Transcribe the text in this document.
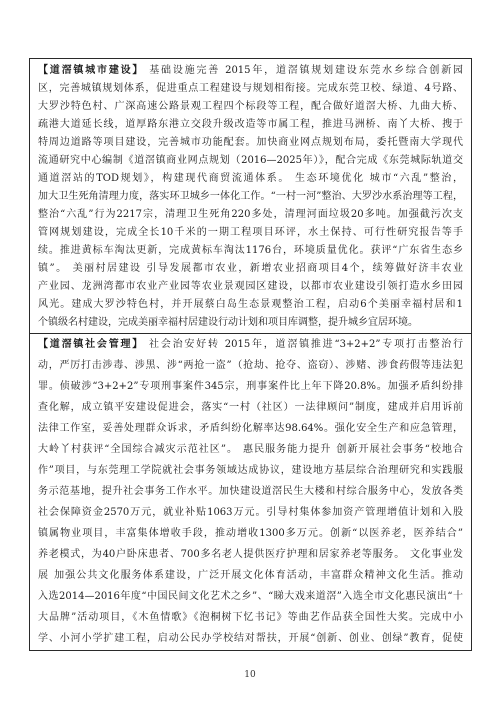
【道滘镇城市建设】 基础设施完善 2015年，道滘镇规划建设东莞水乡综合创新园
区，完善城镇规划体系，促进重点工程建设与规划相衔接。完成东莞卫校、绿道、4号路、
大罗沙特色村、广深高速公路景观工程四个标段等工程，配合做好道滘大桥、九曲大桥、
疏港大道延长线，道厚路东港立交段升级改造等市属工程，推进马洲桥、南丫大桥、搜于
特周边道路等项目建设，完善城市功能配套。加快商业网点规划布局，委托暨南大学现代
流通研究中心编制《道滘镇商业网点规划（2016—2025年）》，配合完成《东莞城际轨道交
通道滘站的TOD规划》，构建现代商贸流通体系。 生态环境优化 城市“六乱”整治，
加大卫生死角清理力度，落实环卫城乡一体化工作。“一村一河”整治、大罗沙水系治理等工程，
整治“六乱”行为2217宗，清理卫生死角220多处，清理河面垃圾20多吨。加强截污次支
管网规划建设，完成全长10千米的一期工程项目环评，水土保持、可行性研究报告等手
续。推进黄标车淘汰更新，完成黄标车淘汰1176台，环境质量优化。获评“广东省生态乡
镇”。 美丽村居建设 引导发展都市农业，新增农业招商项目4个，续筹做好济丰农业
产业园、龙洲湾都市农业产业园等农业景观园区建设，以都市农业建设引领打造水乡田园
风光。建成大罗沙特色村，并开展蔡白岛生态景观整治工程，启动6个美丽幸福村居和1
个镇级名村建设，完成美丽幸福村居建设行动计划和项目库调整，提升城乡宜居环境。
【道滘镇社会管理】 社会治安好转 2015年，道滘镇推进“3+2+2”专项打击整治行
动，严厉打击涉毒、涉黑、涉“两抢一盗”（抢劫、抢夺、盗窃）、涉赌、涉食药假等违法犯
罪。侦破涉“3+2+2”专项刑事案件345宗，刑事案件比上年下降20.8%。加强矛盾纠纷排
查化解，成立镇平安建设促进会，落实“一村（社区）一法律顾问”制度，建成并启用诉前
法律工作室，妥善处理群众诉求，矛盾纠纷化解率达98.64%。强化安全生产和应急管理，
大岭丫村获评“全国综合减灾示范社区”。 惠民服务能力提升 创新开展社会事务“校地合
作”项目，与东莞理工学院就社会事务领域达成协议，建设地方基层综合治理研究和实践服
务示范基地，提升社会事务工作水平。加快建设道滘民生大楼和村综合服务中心，发放各类
社会保障资金2570万元，就业补贴1063万元。引导村集体参加资产管理增值计划和入股
镇属物业项目，丰富集体增收手段，推动增收1300多万元。创新“以医养老，医养结合”
养老模式，为40户卧床患者、700多名老人提供医疗护理和居家养老等服务。 文化事业发
展 加强公共文化服务体系建设，广泛开展文化体育活动，丰富群众精神文化生活。推动
入选2014—2016年度“中国民间文化艺术之乡”、“睇大戏来道滘”入选全市文化惠民演出“十
大品牌”活动项目，《木鱼情歌》《泡桐树下忆书记》等曲艺作品获全国性大奖。完成中小
学、小河小学扩建工程，启动公民办学校结对帮扶，开展“创新、创业、创绿”教育，促使
10
